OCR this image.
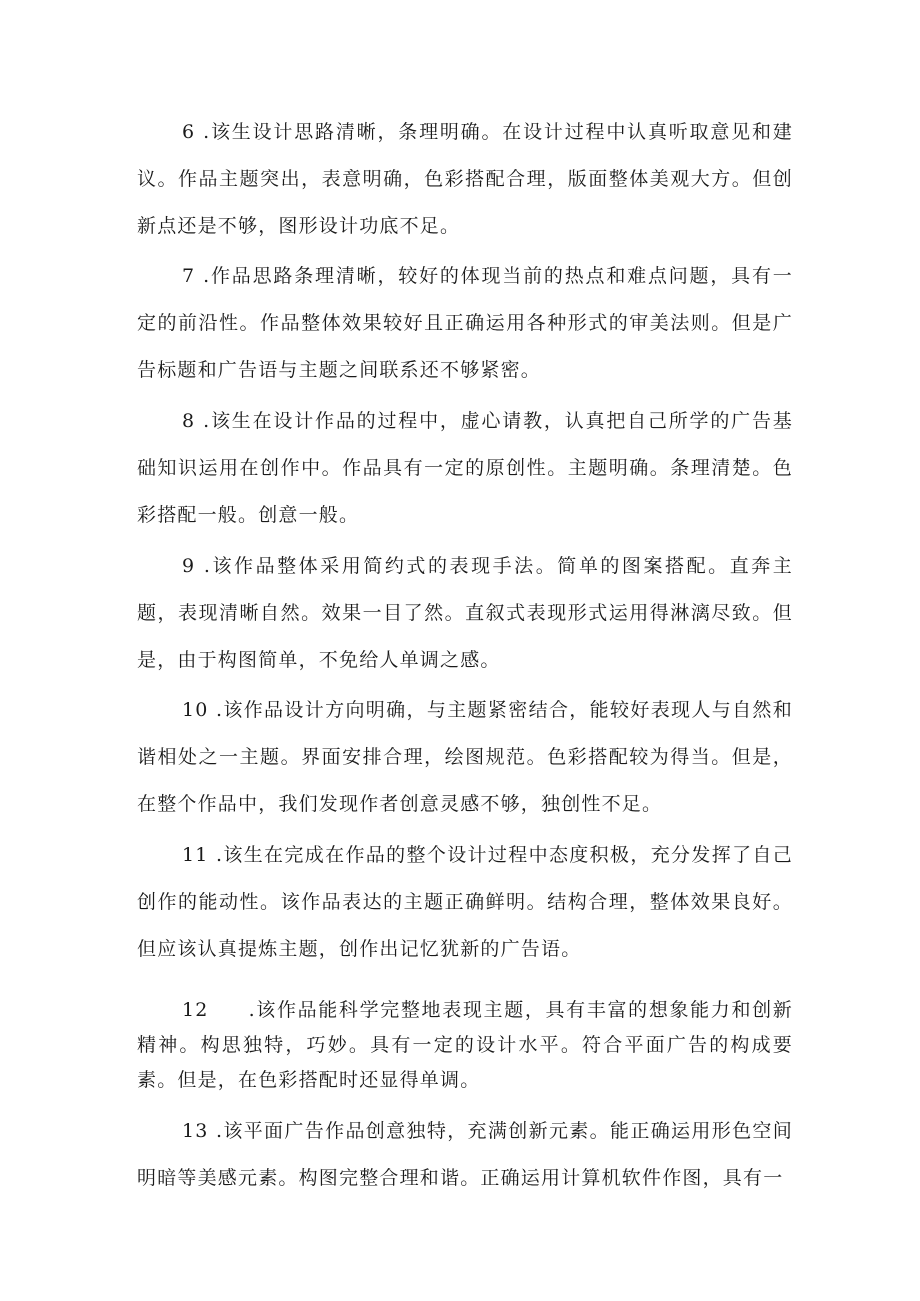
6 .该生设计思路清晰，条理明确。在设计过程中认真听取意见和建议。作品主题突出，表意明确，色彩搭配合理，版面整体美观大方。但创新点还是不够，图形设计功底不足。

7 .作品思路条理清晰，较好的体现当前的热点和难点问题，具有一定的前沿性。作品整体效果较好且正确运用各种形式的审美法则。但是广告标题和广告语与主题之间联系还不够紧密。

8 .该生在设计作品的过程中，虚心请教，认真把自己所学的广告基础知识运用在创作中。作品具有一定的原创性。主题明确。条理清楚。色彩搭配一般。创意一般。

9 .该作品整体采用简约式的表现手法。简单的图案搭配。直奔主题，表现清晰自然。效果一目了然。直叙式表现形式运用得淋漓尽致。但是，由于构图简单，不免给人单调之感。

10 .该作品设计方向明确，与主题紧密结合，能较好表现人与自然和谐相处之一主题。界面安排合理，绘图规范。色彩搭配较为得当。但是，在整个作品中，我们发现作者创意灵感不够，独创性不足。

11 .该生在完成在作品的整个设计过程中态度积极，充分发挥了自己创作的能动性。该作品表达的主题正确鲜明。结构合理，整体效果良好。但应该认真提炼主题，创作出记忆犹新的广告语。

12 .该作品能科学完整地表现主题，具有丰富的想象能力和创新精神。构思独特，巧妙。具有一定的设计水平。符合平面广告的构成要素。但是，在色彩搭配时还显得单调。

13 .该平面广告作品创意独特，充满创新元素。能正确运用形色空间明暗等美感元素。构图完整合理和谐。正确运用计算机软件作图，具有一
